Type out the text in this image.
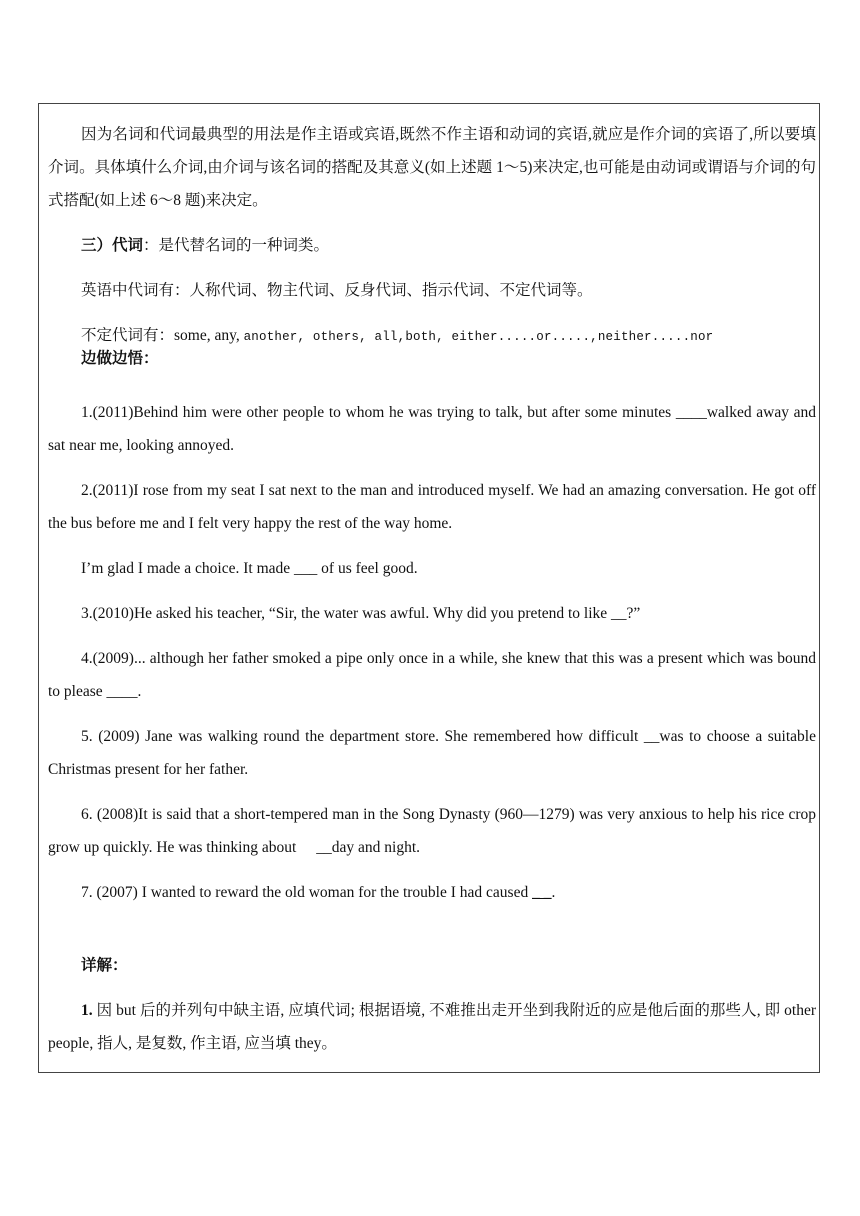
因为名词和代词最典型的用法是作主语或宾语,既然不作主语和动词的宾语,就应是作介词的宾语了,所以要填介词。具体填什么介词,由介词与该名词的搭配及其意义(如上述题 1～5)来决定,也可能是由动词或谓语与介词的句式搭配(如上述 6～8 题)来决定。

三）代词：是代替名词的一种词类。

英语中代词有：人称代词、物主代词、反身代词、指示代词、不定代词等。

不定代词有：some, any, another, others, all,both, either.....or.....,neither.....nor

边做边悟：

1.(2011)Behind him were other people to whom he was trying to talk, but after some minutes ____walked away and sat near me, looking annoyed.

2.(2011)I rose from my seat I sat next to the man and introduced myself. We had an amazing conversation. He got off the bus before me and I felt very happy the rest of the way home.

I’m glad I made a choice. It made ___ of us feel good.

3.(2010)He asked his teacher, “Sir, the water was awful. Why did you pretend to like __?”

4.(2009)... although her father smoked a pipe only once in a while, she knew that this was a present which was bound to please ____.

5. (2009) Jane was walking round the department store. She remembered how difficult __was to choose a suitable Christmas present for her father.

6. (2008)It is said that a short-tempered man in the Song Dynasty (960—1279) was very anxious to help his rice crop grow up quickly. He was thinking about __day and night.

7. (2007) I wanted to reward the old woman for the trouble I had caused _ _.

详解：

1. 因 but 后的并列句中缺主语, 应填代词; 根据语境, 不难推出走开坐到我附近的应是他后面的那些人, 即 other people, 指人, 是复数, 作主语, 应当填 they。
